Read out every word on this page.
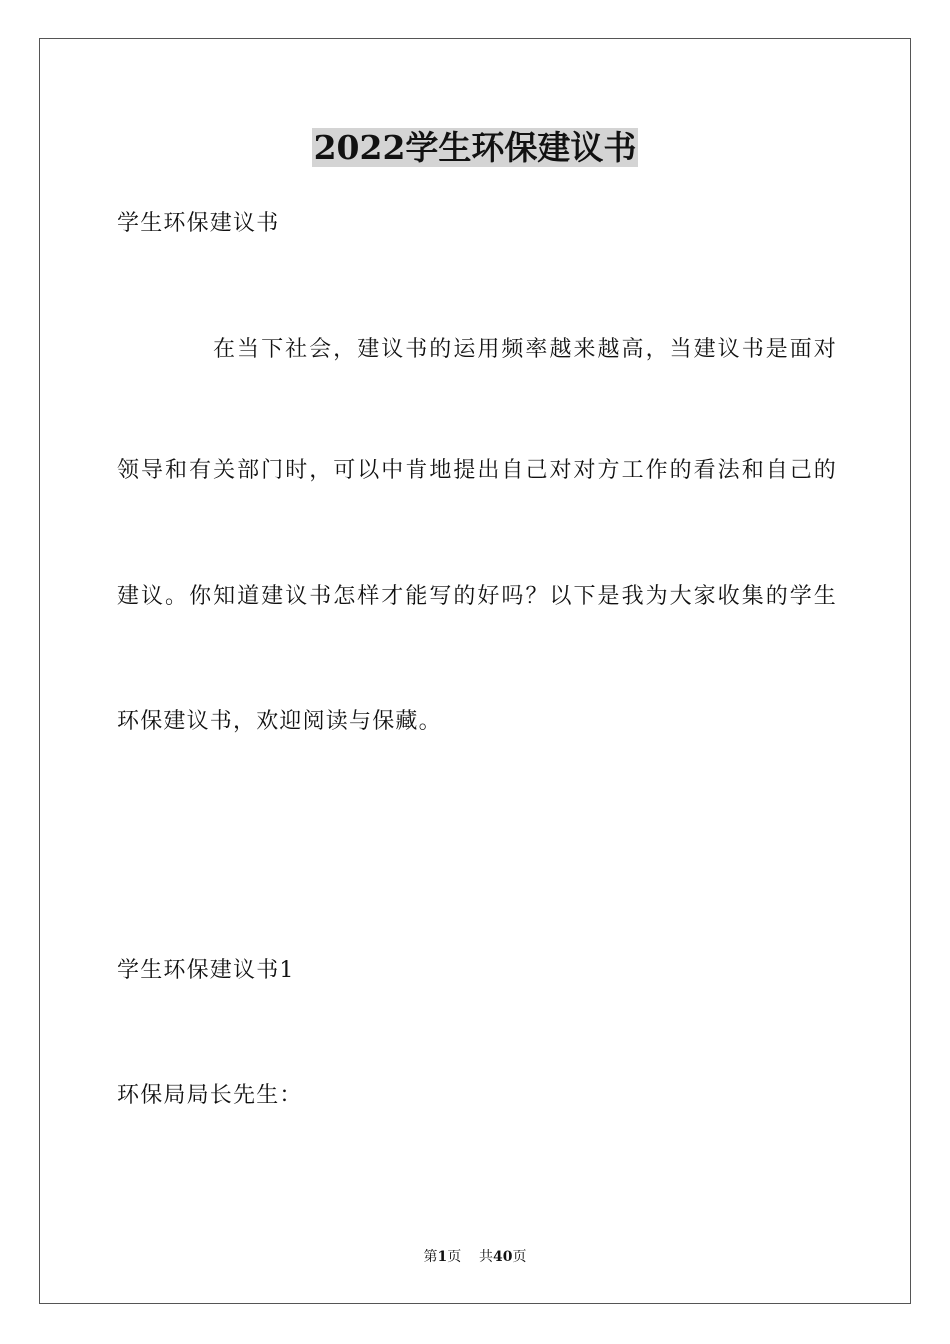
2022学生环保建议书
学生环保建议书
在当下社会，建议书的运用频率越来越高，当建议书是面对
领导和有关部门时，可以中肯地提出自己对对方工作的看法和自己的
建议。你知道建议书怎样才能写的好吗？以下是我为大家收集的学生
环保建议书，欢迎阅读与保藏。
学生环保建议书1
环保局局长先生：
第1页 共40页
